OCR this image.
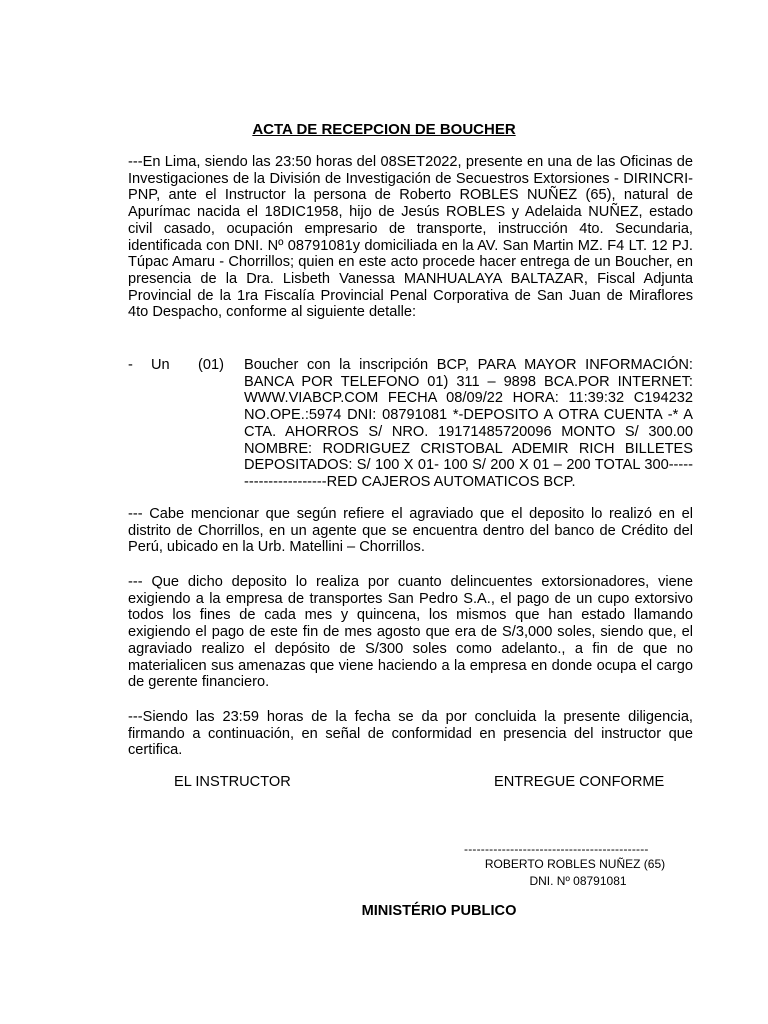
ACTA DE RECEPCION DE BOUCHER
---En Lima, siendo las 23:50 horas del 08SET2022, presente en una de las Oficinas de Investigaciones de la División de Investigación de Secuestros Extorsiones - DIRINCRI-PNP, ante el Instructor la persona de Roberto ROBLES NUÑEZ (65), natural de Apurímac nacida el 18DIC1958, hijo de Jesús ROBLES y Adelaida NUÑEZ, estado civil casado, ocupación empresario de transporte, instrucción 4to. Secundaria, identificada con DNI. Nº 08791081y domiciliada en la AV. San Martin MZ. F4 LT. 12 PJ. Túpac Amaru - Chorrillos; quien en este acto procede hacer entrega de un Boucher, en presencia de la Dra. Lisbeth Vanessa MANHUALAYA BALTAZAR, Fiscal Adjunta Provincial de la 1ra Fiscalía Provincial Penal Corporativa de San Juan de Miraflores 4to Despacho, conforme al siguiente detalle:
- Un (01) Boucher con la inscripción BCP, PARA MAYOR INFORMACIÓN: BANCA POR TELEFONO 01) 311 – 9898 BCA.POR INTERNET: WWW.VIABCP.COM FECHA 08/09/22 HORA: 11:39:32 C194232 NO.OPE.:5974 DNI: 08791081 *-DEPOSITO A OTRA CUENTA -* A CTA. AHORROS S/ NRO. 19171485720096 MONTO S/ 300.00 NOMBRE: RODRIGUEZ CRISTOBAL ADEMIR RICH BILLETES DEPOSITADOS: S/ 100 X 01- 100 S/ 200 X 01 – 200 TOTAL 300----------------------RED CAJEROS AUTOMATICOS BCP.
--- Cabe mencionar que según refiere el agraviado que el deposito lo realizó en el distrito de Chorrillos, en un agente que se encuentra dentro del banco de Crédito del Perú, ubicado en la Urb. Matellini – Chorrillos.
--- Que dicho deposito lo realiza por cuanto delincuentes extorsionadores, viene exigiendo a la empresa de transportes San Pedro S.A., el pago de un cupo extorsivo todos los fines de cada mes y quincena, los mismos que han estado llamando exigiendo el pago de este fin de mes agosto que era de S/3,000 soles, siendo que, el agraviado realizo el depósito de S/300 soles como adelanto., a fin de que no materialicen sus amenazas que viene haciendo a la empresa en donde ocupa el cargo de gerente financiero.
---Siendo las 23:59 horas de la fecha se da por concluida la presente diligencia, firmando a continuación, en señal de conformidad en presencia del instructor que certifica.
EL INSTRUCTOR	ENTREGUE CONFORME
--------------------------------------------
ROBERTO ROBLES NUÑEZ (65)
DNI. Nº 08791081
MINISTÉRIO PUBLICO
